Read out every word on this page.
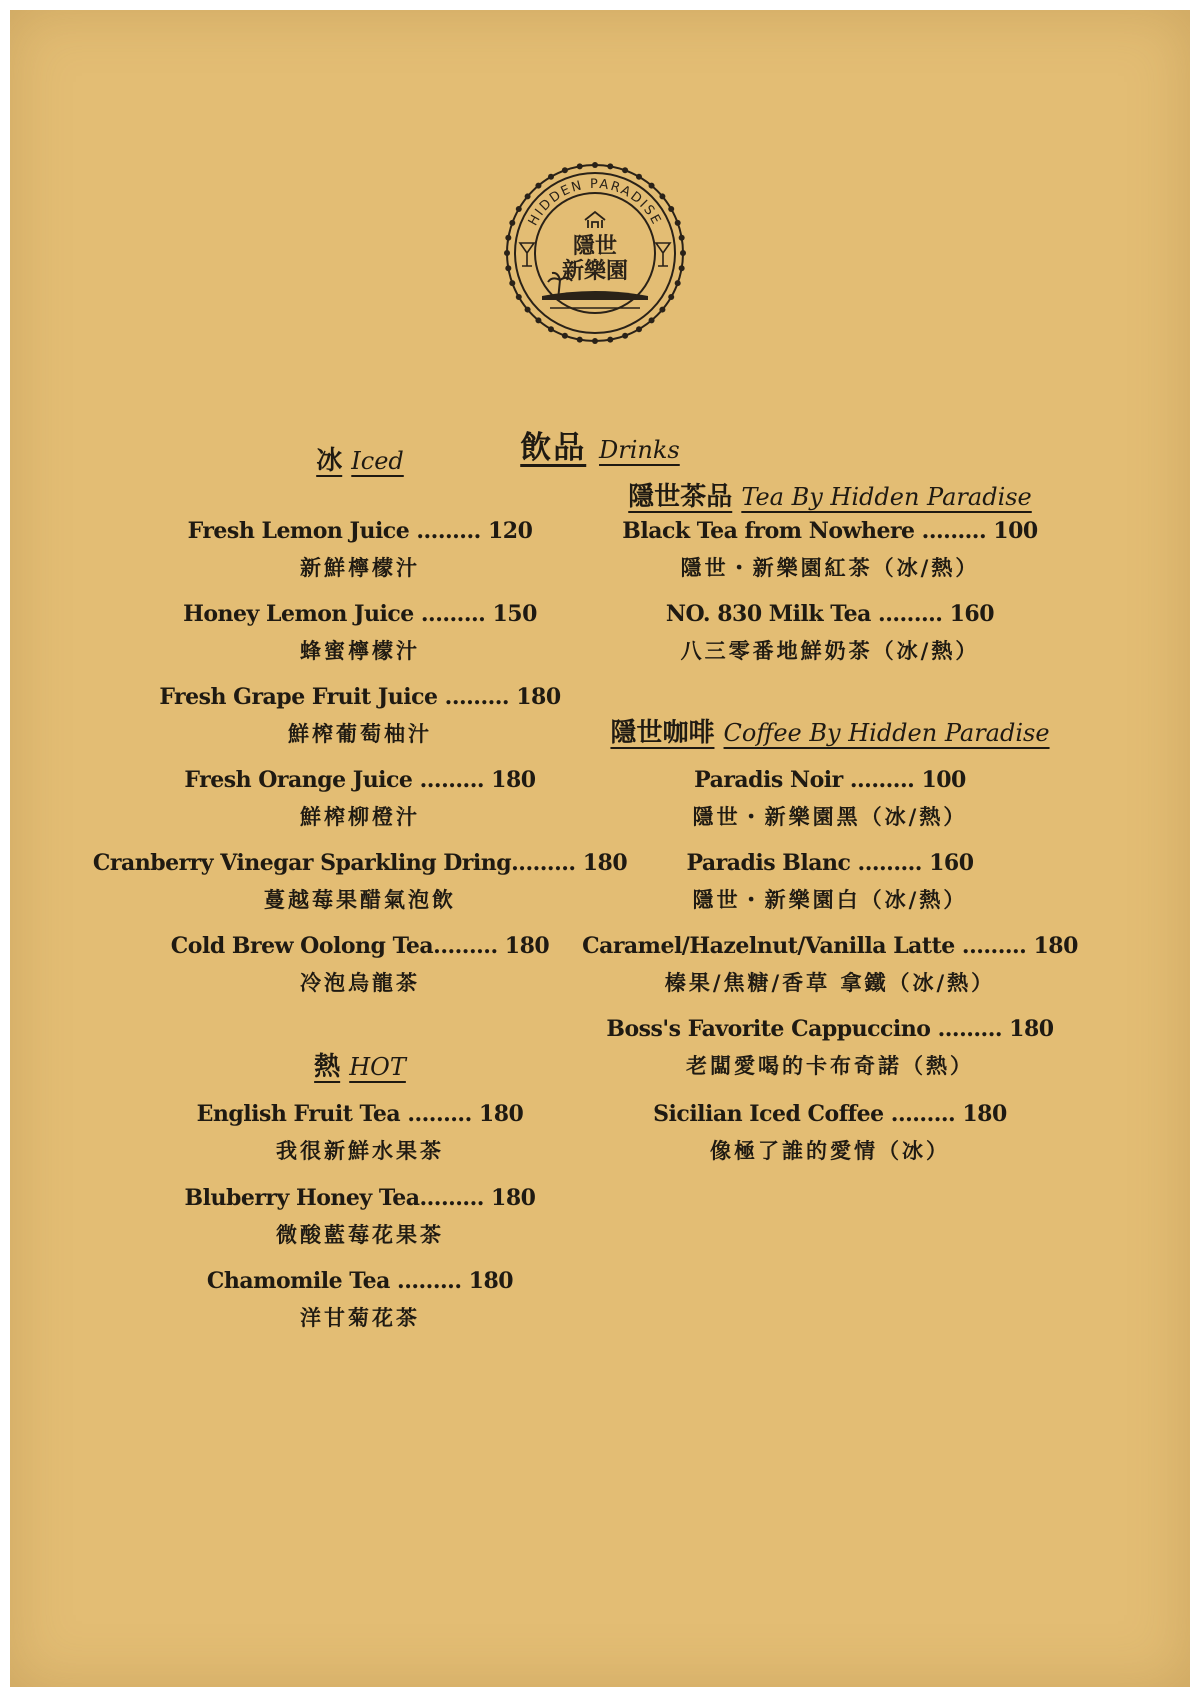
HIDDEN PARADISE
隱世
新樂園
飲品 Drinks
冰 Iced
Fresh Lemon Juice ......... 120
新鮮檸檬汁
Honey Lemon Juice ......... 150
蜂蜜檸檬汁
Fresh Grape Fruit Juice ......... 180
鮮榨葡萄柚汁
Fresh Orange Juice ......... 180
鮮榨柳橙汁
Cranberry Vinegar Sparkling Dring......... 180
蔓越莓果醋氣泡飲
Cold Brew Oolong Tea......... 180
冷泡烏龍茶
熱 HOT
English Fruit Tea ......... 180
我很新鮮水果茶
Bluberry Honey Tea......... 180
微酸藍莓花果茶
Chamomile Tea ......... 180
洋甘菊花茶
隱世茶品 Tea By Hidden Paradise
Black Tea from Nowhere ......... 100
隱世・新樂園紅茶（冰/熱）
NO. 830 Milk Tea ......... 160
八三零番地鮮奶茶（冰/熱）
隱世咖啡 Coffee By Hidden Paradise
Paradis Noir ......... 100
隱世・新樂園黑（冰/熱）
Paradis Blanc ......... 160
隱世・新樂園白（冰/熱）
Caramel/Hazelnut/Vanilla Latte ......... 180
榛果/焦糖/香草 拿鐵（冰/熱）
Boss's Favorite Cappuccino ......... 180
老闆愛喝的卡布奇諾（熱）
Sicilian Iced Coffee ......... 180
像極了誰的愛情（冰）
